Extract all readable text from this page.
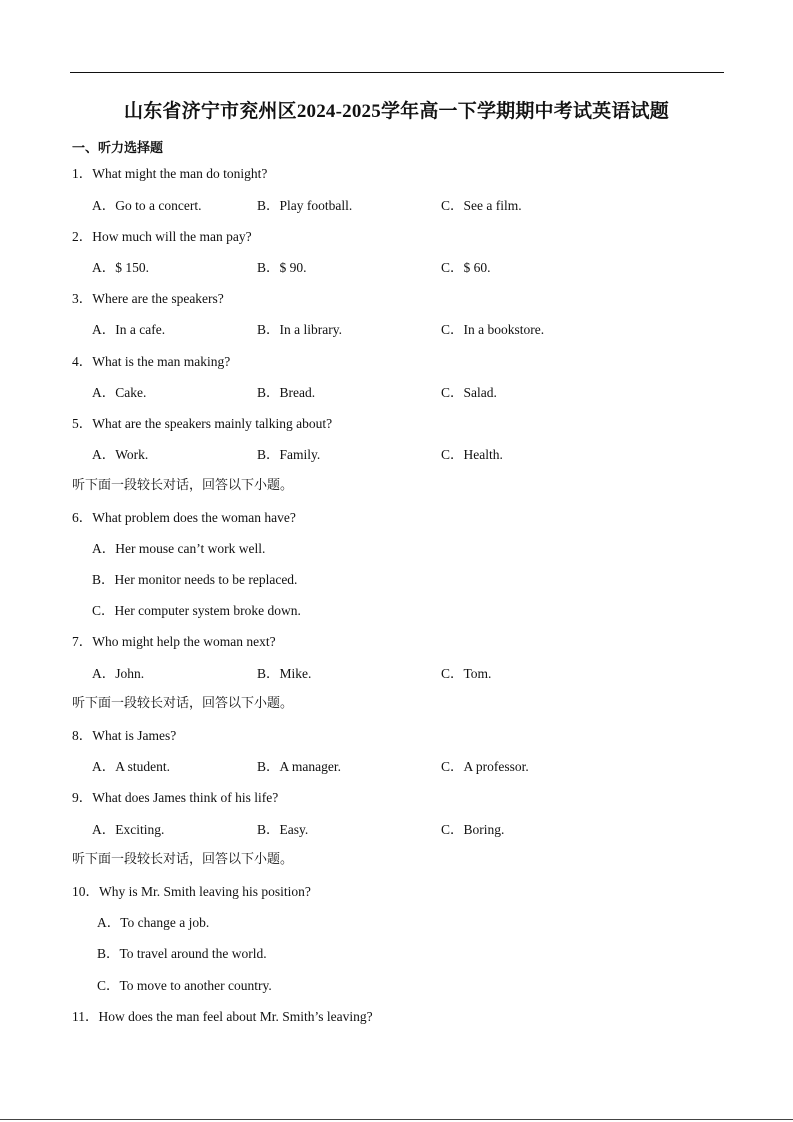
山东省济宁市兖州区2024-2025学年高一下学期期中考试英语试题
一、听力选择题
1．What might the man do tonight?
A．Go to a concert.	B．Play football.	C．See a film.
2．How much will the man pay?
A．$ 150.	B．$ 90.	C．$ 60.
3．Where are the speakers?
A．In a cafe.	B．In a library.	C．In a bookstore.
4．What is the man making?
A．Cake.	B．Bread.	C．Salad.
5．What are the speakers mainly talking about?
A．Work.	B．Family.	C．Health.
听下面一段较长对话，回答以下小题。
6．What problem does the woman have?
A．Her mouse can’t work well.
B．Her monitor needs to be replaced.
C．Her computer system broke down.
7．Who might help the woman next?
A．John.	B．Mike.	C．Tom.
听下面一段较长对话，回答以下小题。
8．What is James?
A．A student.	B．A manager.	C．A professor.
9．What does James think of his life?
A．Exciting.	B．Easy.	C．Boring.
听下面一段较长对话，回答以下小题。
10．Why is Mr. Smith leaving his position?
A．To change a job.
B．To travel around the world.
C．To move to another country.
11．How does the man feel about Mr. Smith’s leaving?
